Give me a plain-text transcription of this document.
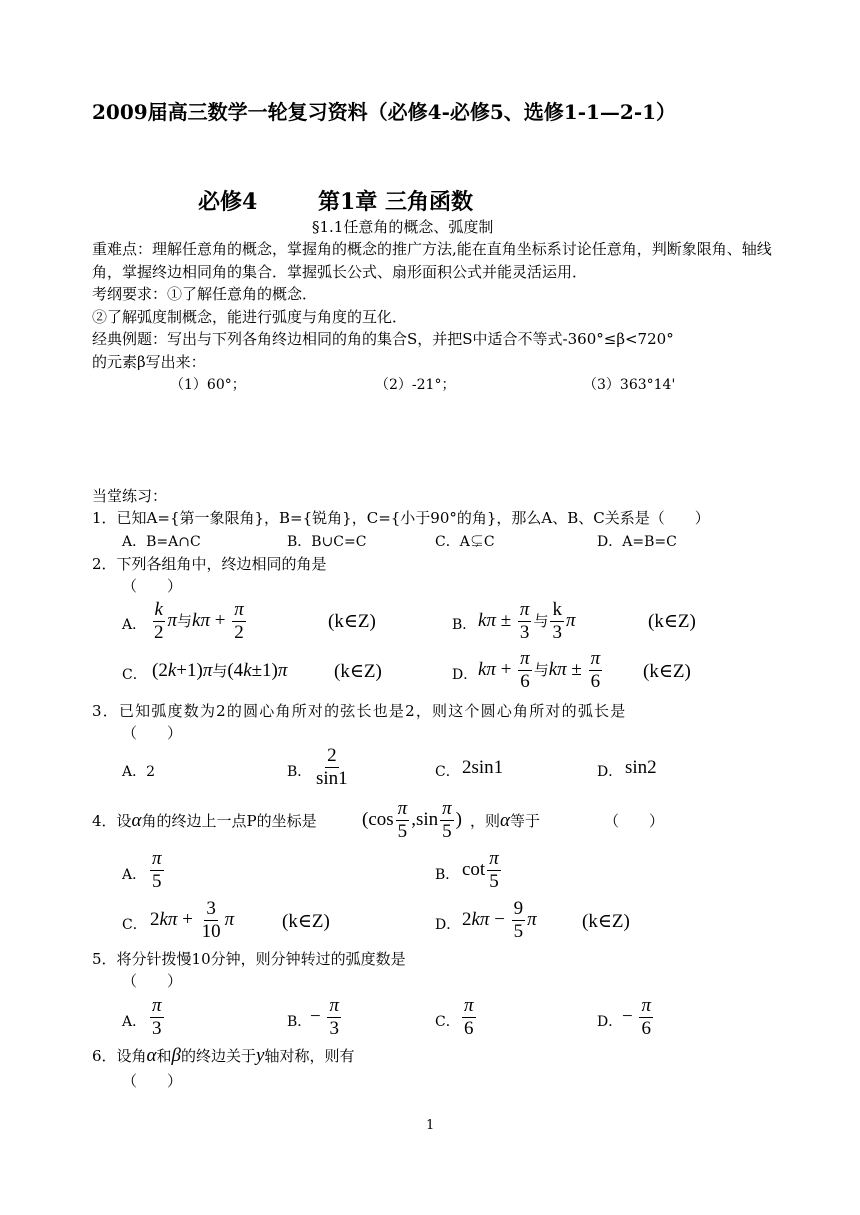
2009届高三数学一轮复习资料（必修4-必修5、选修1-1—2-1）
必修4	第1章 三角函数
§1.1任意角的概念、弧度制
重难点：理解任意角的概念，掌握角的概念的推广方法,能在直角坐标系讨论任意角，判断象限角、轴线角，掌握终边相同角的集合．掌握弧长公式、扇形面积公式并能灵活运用．
考纲要求：①了解任意角的概念．
②了解弧度制概念，能进行弧度与角度的互化．
经典例题：写出与下列各角终边相同的角的集合S，并把S中适合不等式-360°≤β<720°
的元素β写出来：
（1）60°；	（2）-21°；	（3）363°14'
当堂练习：
1．已知A={第一象限角}，B={锐角}，C={小于90°的角}，那么A、B、C关系是（　　）
A．B=A∩C	B．B∪C=C	C．A⊊C	D．A=B=C
2．下列各组角中，终边相同的角是
（　　）
A． $\frac{k}{2}$ π与$k\pi + \frac{\pi}{2}$	(k∈Z)	B． $k\pi \pm \frac{\pi}{3}$ 与 $\frac{k}{3}$ π	(k∈Z)
C． (2k+1)π与(4k±1)π (k∈Z)	D． $k\pi + \frac{\pi}{6}$ 与$k\pi \pm \frac{\pi}{6}$ (k∈Z)
3．已知弧度数为2的圆心角所对的弦长也是2，则这个圆心角所对的弧长是
（　　）
A．2	B． $\frac{2}{\sin 1}$	C． 2sin1	D． sin2
4．设α角的终边上一点P的坐标是 ($\cos \frac{\pi}{5} ,\sin \frac{\pi}{5}$ ) ，则α等于	（　　）
A． $\frac{\pi}{5}$	B． $\cot \frac{\pi}{5}$
C． $2k\pi + \frac{3}{10}$ π	(k∈Z)	D． $2k\pi - \frac{9}{5}$ π (k∈Z)
5．将分针拨慢10分钟，则分钟转过的弧度数是
（　　）
A． $\frac{\pi}{3}$	B．
− $\frac{\pi}{3}$	C． $\frac{\pi}{6}$	D． − $\frac{\pi}{6}$
6．设角α和β的终边关于y轴对称，则有
（　　）
1
